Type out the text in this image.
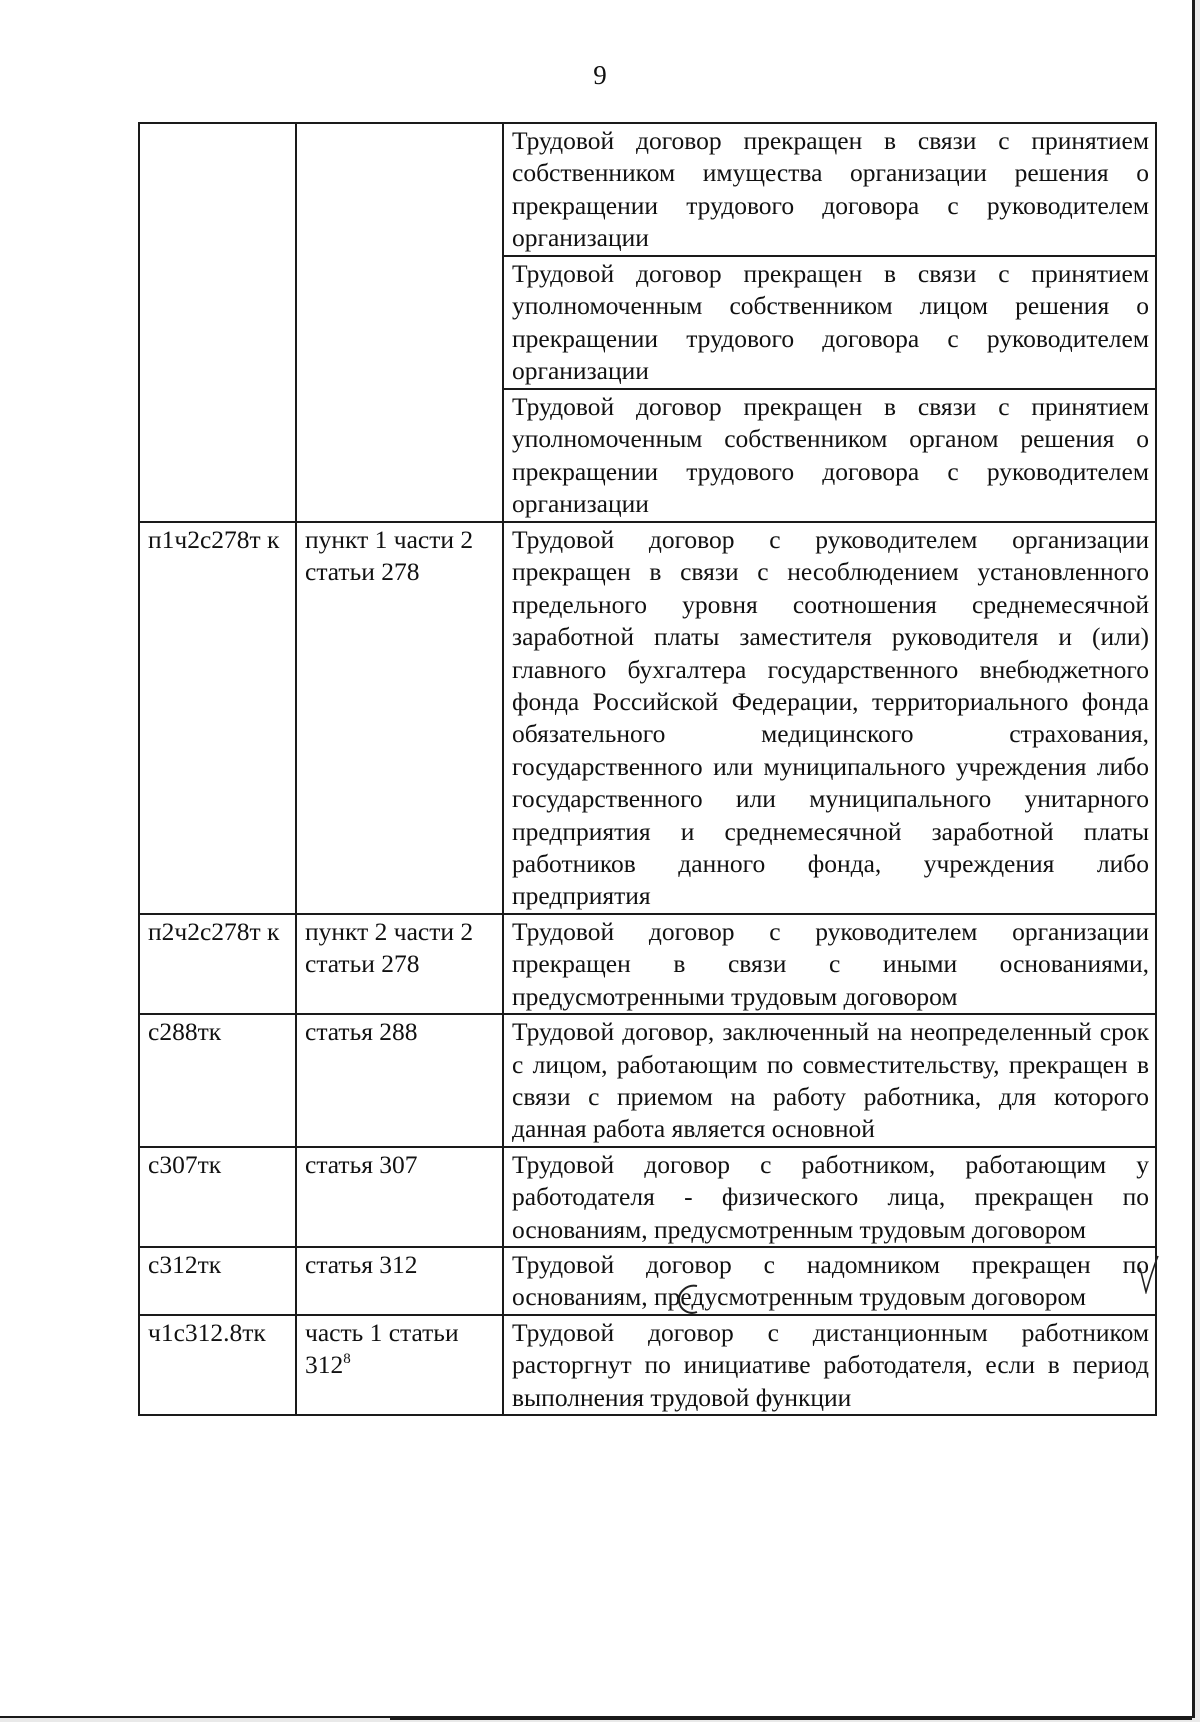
9
		Трудовой договор прекращен в связи с принятием собственником имущества организации решения о прекращении трудового договора с руководителем организации
		Трудовой договор прекращен в связи с принятием уполномоченным собственником лицом решения о прекращении трудового договора с руководителем организации
		Трудовой договор прекращен в связи с принятием уполномоченным собственником органом решения о прекращении трудового договора с руководителем организации
п1ч2с278т к	пункт 1 части 2 статьи 278	Трудовой договор с руководителем организации прекращен в связи с несоблюдением установленного предельного уровня соотношения среднемесячной заработной платы заместителя руководителя и (или) главного бухгалтера государственного внебюджетного фонда Российской Федерации, территориального фонда обязательного медицинского страхования, государственного или муниципального учреждения либо государственного или муниципального унитарного предприятия и среднемесячной заработной платы работников данного фонда, учреждения либо предприятия
п2ч2с278т к	пункт 2 части 2 статьи 278	Трудовой договор с руководителем организации прекращен в связи с иными основаниями, предусмотренными трудовым договором
с288тк	статья 288	Трудовой договор, заключенный на неопределенный срок с лицом, работающим по совместительству, прекращен в связи с приемом на работу работника, для которого данная работа является основной
с307тк	статья 307	Трудовой договор с работником, работающим у работодателя - физического лица, прекращен по основаниям, предусмотренным трудовым договором
с312тк	статья 312	Трудовой договор с надомником прекращен по основаниям, предусмотренным трудовым договором
ч1с312.8тк	часть 1 статьи $312^8$	Трудовой договор с дистанционным работником расторгнут по инициативе работодателя, если в период выполнения трудовой функции
